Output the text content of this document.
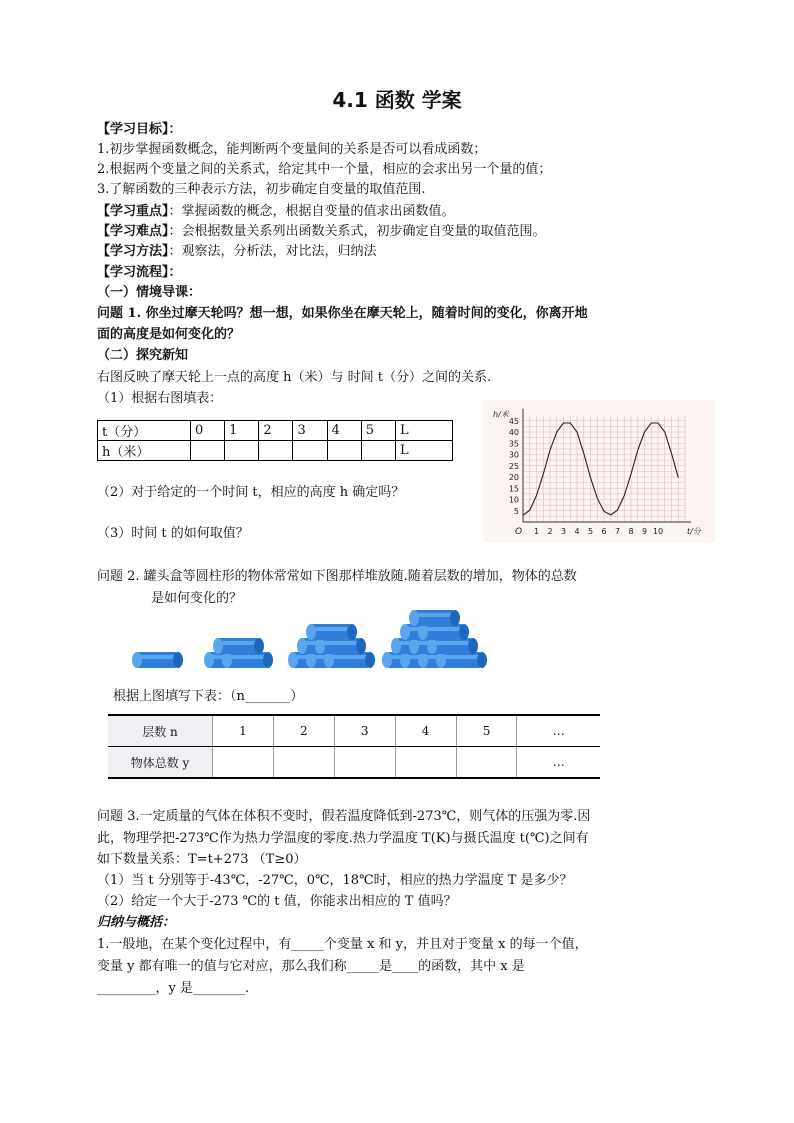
4.1 函数 学案
【学习目标】：
1.初步掌握函数概念，能判断两个变量间的关系是否可以看成函数；
2.根据两个变量之间的关系式，给定其中一个量，相应的会求出另一个量的值；
3.了解函数的三种表示方法，初步确定自变量的取值范围.
【学习重点】：掌握函数的概念，根据自变量的值求出函数值。
【学习难点】：会根据数量关系列出函数关系式，初步确定自变量的取值范围。
【学习方法】：观察法，分析法，对比法，归纳法
【学习流程】：
（一）情境导课：
问题 1. 你坐过摩天轮吗？想一想，如果你坐在摩天轮上，随着时间的变化，你离开地
面的高度是如何变化的？
（二）探究新知
右图反映了摩天轮上一点的高度 h（米）与 时间 t（分）之间的关系.
（1）根据右图填表：
t（分）	0	1	2	3	4	5	L
h（米）							L
（2）对于给定的一个时间 t，相应的高度 h 确定吗？
（3）时间 t 的如何取值？	1 2 3 4 5 6 7 8 9 10
5
10
15
20
25
30
35
40
45
O
h/米
t/分
问题 2. 罐头盒等圆柱形的物体常常如下图那样堆放随.随着层数的增加，物体的总数
是如何变化的？
根据上图填写下表：（n_______）
层数 n	1	2	3	4	5	…
物体总数 y						…
问题 3.一定质量的气体在体积不变时，假若温度降低到-273℃，则气体的压强为零.因
此，物理学把-273℃作为热力学温度的零度.热力学温度 T(K)与摄氏温度 t(℃)之间有
如下数量关系：T=t+273 （T≥0）
（1）当 t 分别等于-43℃，-27℃，0℃，18℃时，相应的热力学温度 T 是多少？
（2）给定一个大于-273 ℃的 t 值，你能求出相应的 T 值吗？
归纳与概括：
1.一般地，在某个变化过程中，有_____个变量 x 和 y，并且对于变量 x 的每一个值，
变量 y 都有唯一的值与它对应，那么我们称_____是____的函数，其中 x 是
_________，y 是________.
